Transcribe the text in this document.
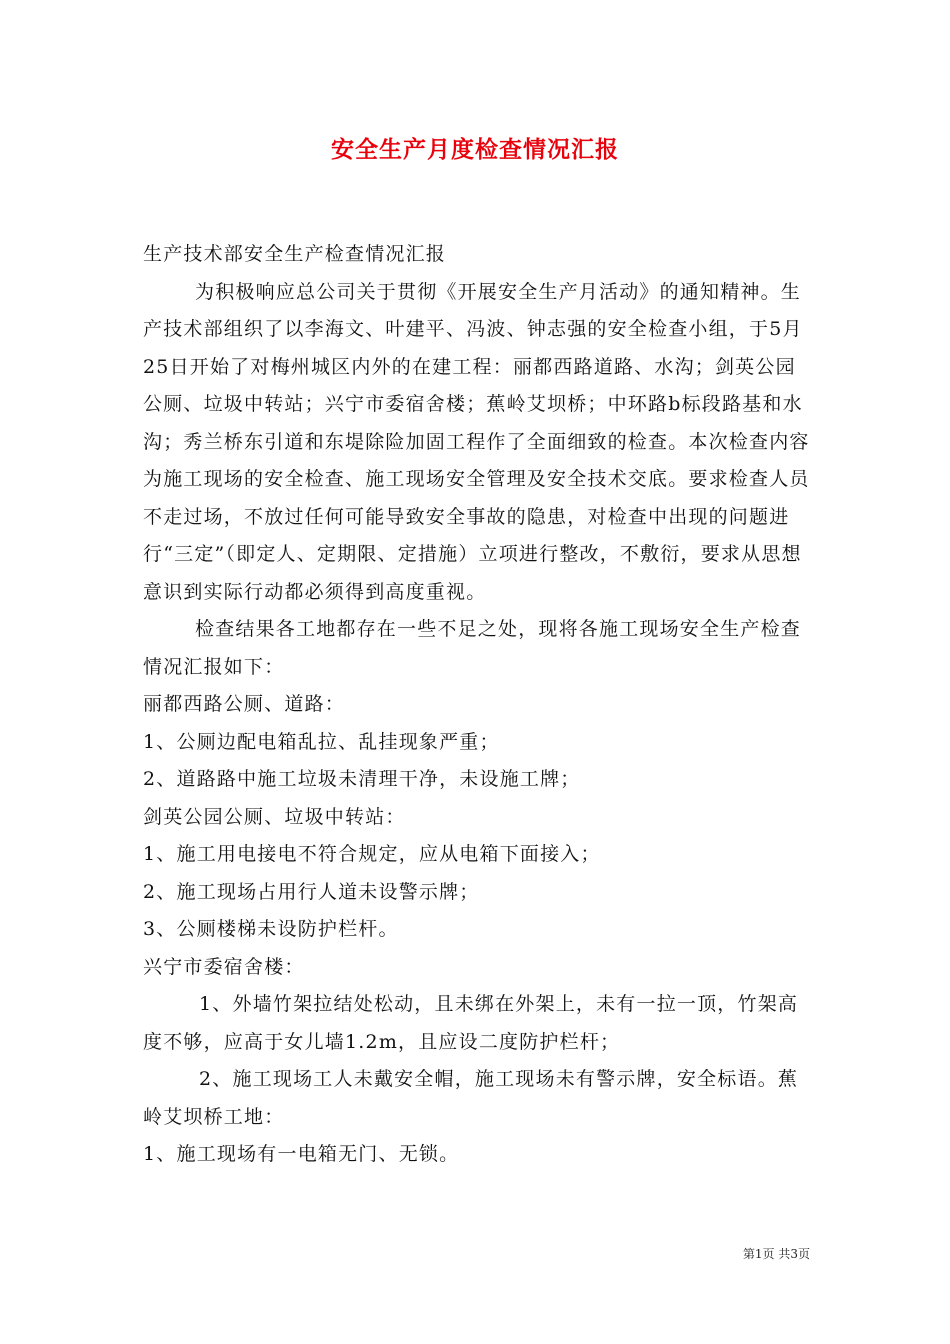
安全生产月度检查情况汇报

生产技术部安全生产检查情况汇报

为积极响应总公司关于贯彻《开展安全生产月活动》的通知精神。生产技术部组织了以李海文、叶建平、冯波、钟志强的安全检查小组，于5月25日开始了对梅州城区内外的在建工程：丽都西路道路、水沟；剑英公园公厕、垃圾中转站；兴宁市委宿舍楼；蕉岭艾坝桥；中环路b标段路基和水沟；秀兰桥东引道和东堤除险加固工程作了全面细致的检查。本次检查内容为施工现场的安全检查、施工现场安全管理及安全技术交底。要求检查人员不走过场，不放过任何可能导致安全事故的隐患，对检查中出现的问题进行“三定”（即定人、定期限、定措施）立项进行整改，不敷衍，要求从思想意识到实际行动都必须得到高度重视。

检查结果各工地都存在一些不足之处，现将各施工现场安全生产检查情况汇报如下：

丽都西路公厕、道路：

1、公厕边配电箱乱拉、乱挂现象严重；

2、道路路中施工垃圾未清理干净，未设施工牌；

剑英公园公厕、垃圾中转站：

1、施工用电接电不符合规定，应从电箱下面接入；

2、施工现场占用行人道未设警示牌；

3、公厕楼梯未设防护栏杆。

兴宁市委宿舍楼：

1、外墙竹架拉结处松动，且未绑在外架上，未有一拉一顶，竹架高度不够，应高于女儿墙1.2m，且应设二度防护栏杆；

2、施工现场工人未戴安全帽，施工现场未有警示牌，安全标语。蕉岭艾坝桥工地：

1、施工现场有一电箱无门、无锁。

第1页 共3页
